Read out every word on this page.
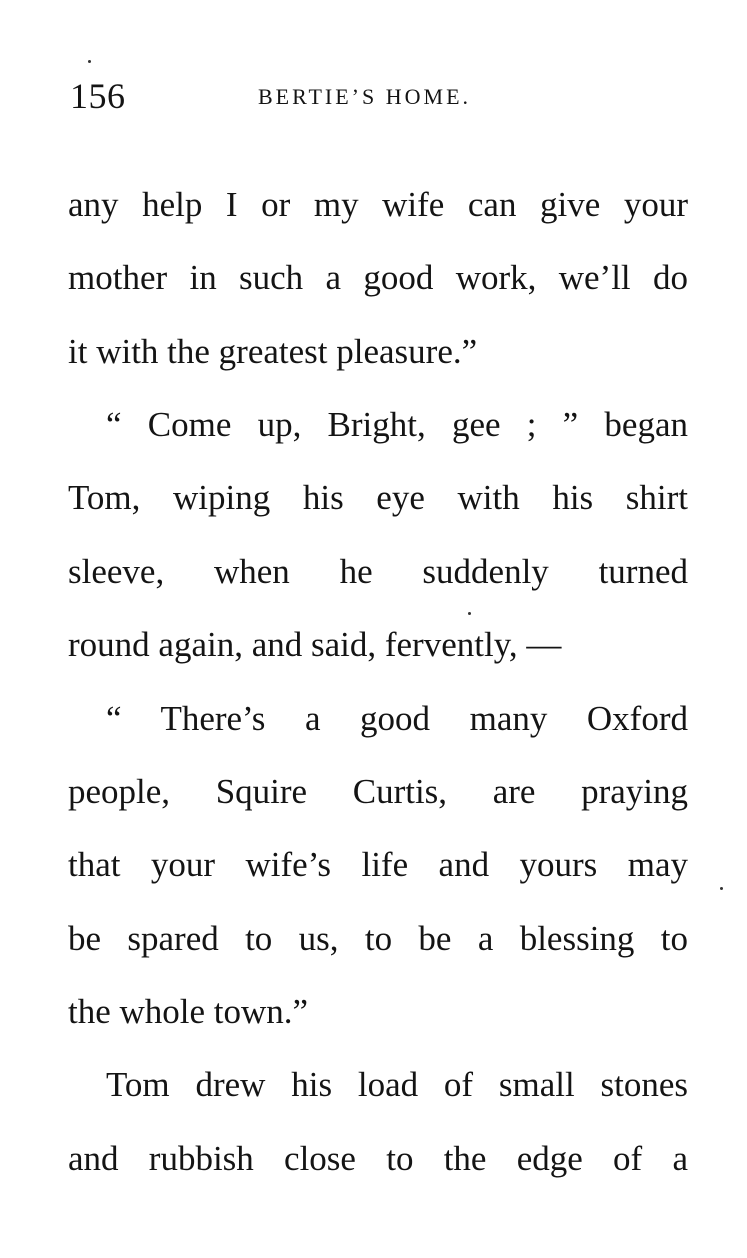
156	BERTIE’S HOME.
any help I or my wife can give your
mother in such a good work, we’ll do
it with the greatest pleasure.”
“ Come up, Bright, gee ; ” began
Tom, wiping his eye with his shirt
sleeve, when he suddenly turned
round again, and said, fervently, —
“ There’s a good many Oxford
people, Squire Curtis, are praying
that your wife’s life and yours may
be spared to us, to be a blessing to
the whole town.”
Tom drew his load of small stones
and rubbish close to the edge of a
